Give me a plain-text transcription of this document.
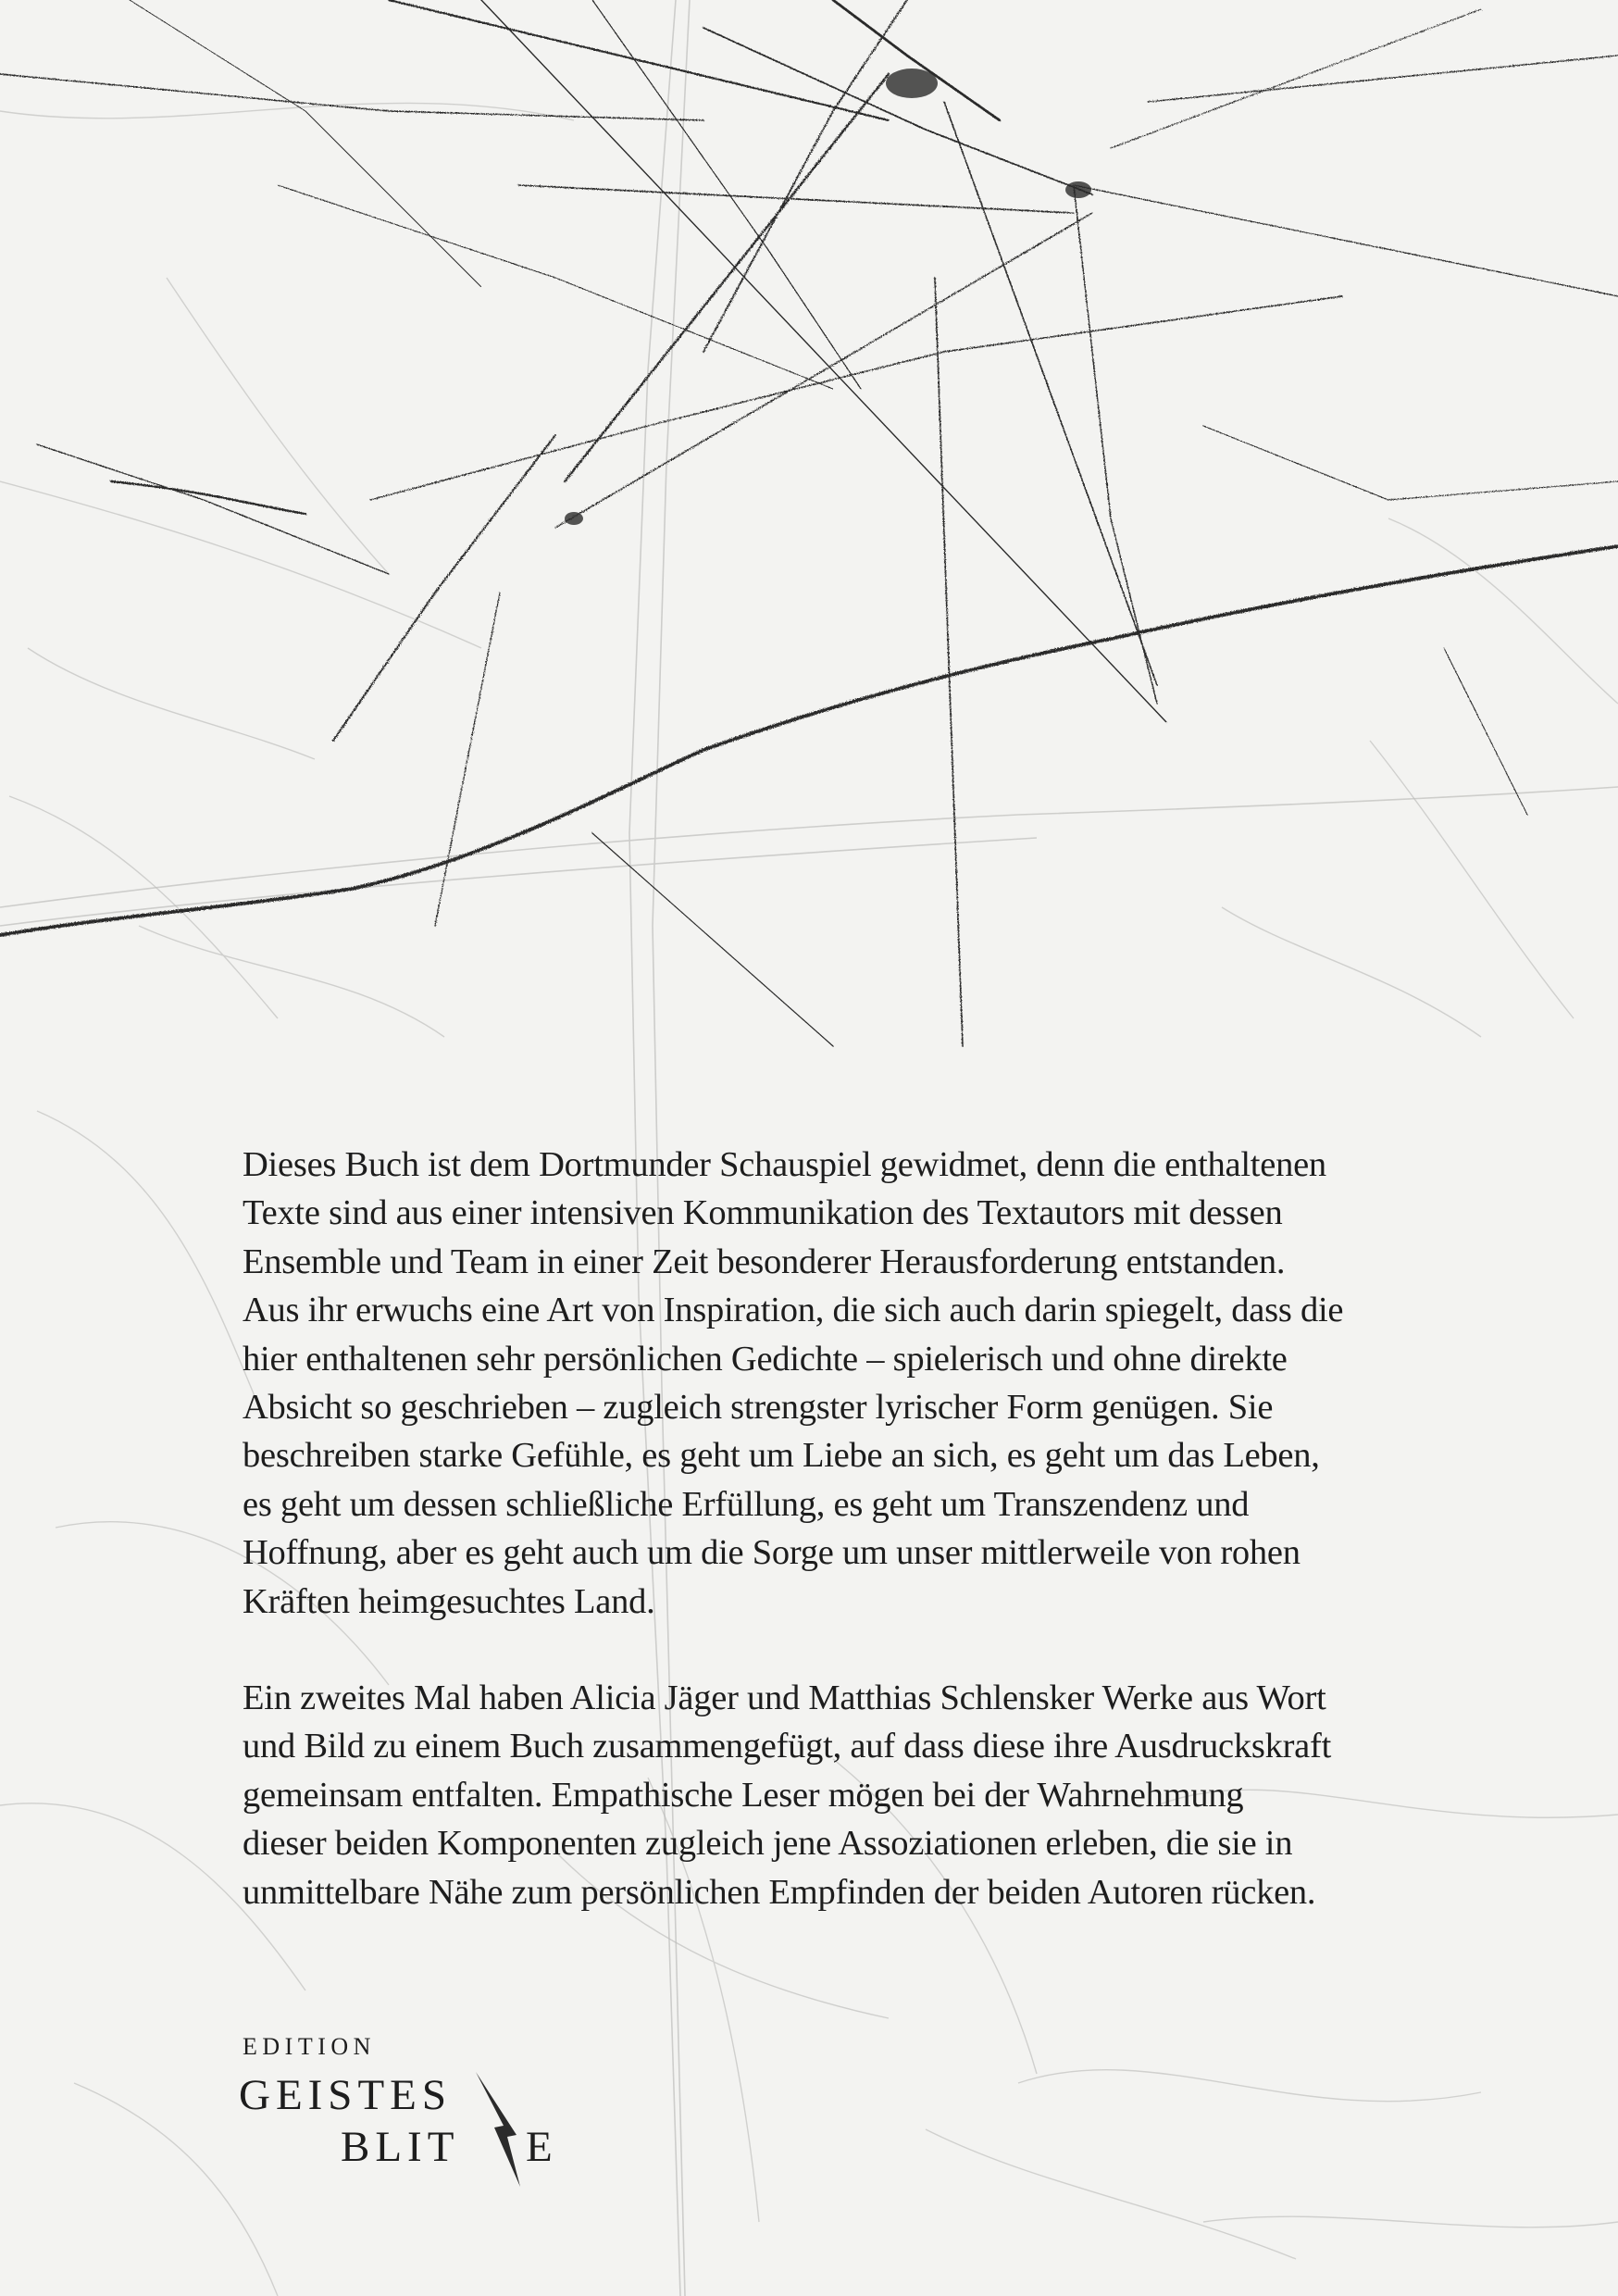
Dieses Buch ist dem Dortmunder Schauspiel gewidmet, denn die enthaltenen
Texte sind aus einer intensiven Kommunikation des Textautors mit dessen
Ensemble und Team in einer Zeit besonderer Herausforderung entstanden.
Aus ihr erwuchs eine Art von Inspiration, die sich auch darin spiegelt, dass die
hier enthaltenen sehr persönlichen Gedichte – spielerisch und ohne direkte
Absicht so geschrieben – zugleich strengster lyrischer Form genügen. Sie
beschreiben starke Gefühle, es geht um Liebe an sich, es geht um das Leben,
es geht um dessen schließliche Erfüllung, es geht um Transzendenz und
Hoffnung, aber es geht auch um die Sorge um unser mittlerweile von rohen
Kräften heimgesuchtes Land.
Ein zweites Mal haben Alicia Jäger und Matthias Schlensker Werke aus Wort
und Bild zu einem Buch zusammengefügt, auf dass diese ihre Ausdruckskraft
gemeinsam entfalten. Empathische Leser mögen bei der Wahrnehmung
dieser beiden Komponenten zugleich jene Assoziationen erleben, die sie in
unmittelbare Nähe zum persönlichen Empfinden der beiden Autoren rücken.
EDITION
GEISTES
BLIT E
